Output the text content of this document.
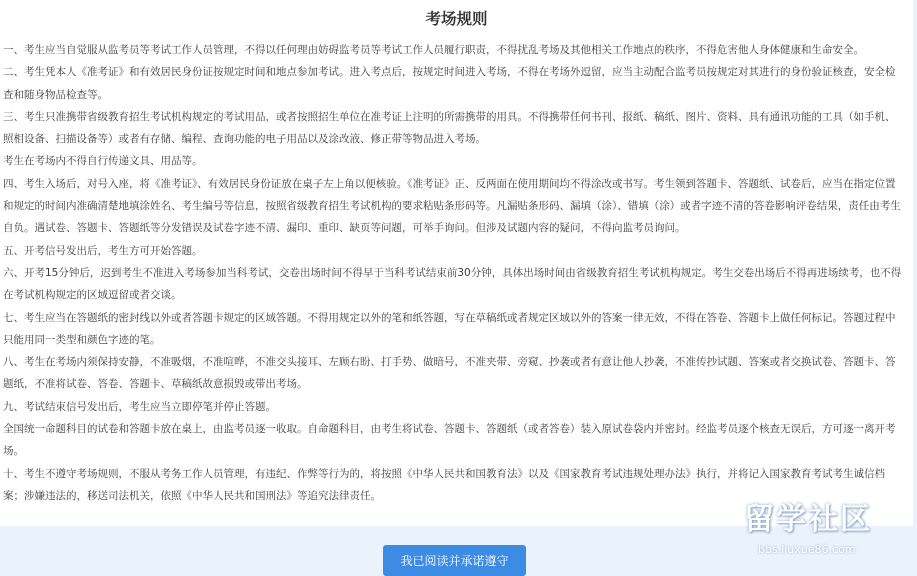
考场规则
一、考生应当自觉服从监考员等考试工作人员管理，不得以任何理由妨碍监考员等考试工作人员履行职责，不得扰乱考场及其他相关工作地点的秩序，不得危害他人身体健康和生命安全。
二、考生凭本人《准考证》和有效居民身份证按规定时间和地点参加考试。进入考点后，按规定时间进入考场，不得在考场外逗留，应当主动配合监考员按规定对其进行的身份验证核查，安全检查和随身物品检查等。
三、考生只准携带省级教育招生考试机构规定的考试用品，或者按照招生单位在准考证上注明的所需携带的用具。不得携带任何书刊、报纸、稿纸、图片、资料、具有通讯功能的工具（如手机、照相设备、扫描设备等）或者有存储、编程、查询功能的电子用品以及涂改液、修正带等物品进入考场。
考生在考场内不得自行传递文具、用品等。
四、考生入场后，对号入座，将《准考证》、有效居民身份证放在桌子左上角以便核验。《准考证》正、反两面在使用期间均不得涂改或书写。考生领到答题卡、答题纸、试卷后，应当在指定位置和规定的时间内准确清楚地填涂姓名、考生编号等信息，按照省级教育招生考试机构的要求粘贴条形码等。凡漏贴条形码、漏填（涂）、错填（涂）或者字迹不清的答卷影响评卷结果，责任由考生自负。遇试卷、答题卡、答题纸等分发错误及试卷字迹不清、漏印、重印、缺页等问题，可举手询问。但涉及试题内容的疑问，不得向监考员询问。
五、开考信号发出后，考生方可开始答题。
六、开考15分钟后，迟到考生不准进入考场参加当科考试，交卷出场时间不得早于当科考试结束前30分钟，具体出场时间由省级教育招生考试机构规定。考生交卷出场后不得再进场续考，也不得在考试机构规定的区域逗留或者交谈。
七、考生应当在答题纸的密封线以外或者答题卡规定的区域答题。不得用规定以外的笔和纸答题，写在草稿纸或者规定区域以外的答案一律无效，不得在答卷、答题卡上做任何标记。答题过程中只能用同一类型和颜色字迹的笔。
八、考生在考场内须保持安静，不准吸烟，不准喧哗，不准交头接耳、左顾右盼、打手势、做暗号，不准夹带、旁窥、抄袭或者有意让他人抄袭，不准传抄试题、答案或者交换试卷、答题卡、答题纸，不准将试卷、答卷、答题卡、草稿纸故意损毁或带出考场。
九、考试结束信号发出后，考生应当立即停笔并停止答题。
全国统一命题科目的试卷和答题卡放在桌上，由监考员逐一收取。自命题科目，由考生将试卷、答题卡、答题纸（或者答卷）装入原试卷袋内并密封。经监考员逐个核查无误后，方可逐一离开考场。
十、考生不遵守考场规则，不服从考务工作人员管理，有违纪、作弊等行为的，将按照《中华人民共和国教育法》以及《国家教育考试违规处理办法》执行，并将记入国家教育考试考生诚信档案；涉嫌违法的，移送司法机关，依照《中华人民共和国刑法》等追究法律责任。
我已阅读并承诺遵守
留学社区
bbs.liuxue86.com
